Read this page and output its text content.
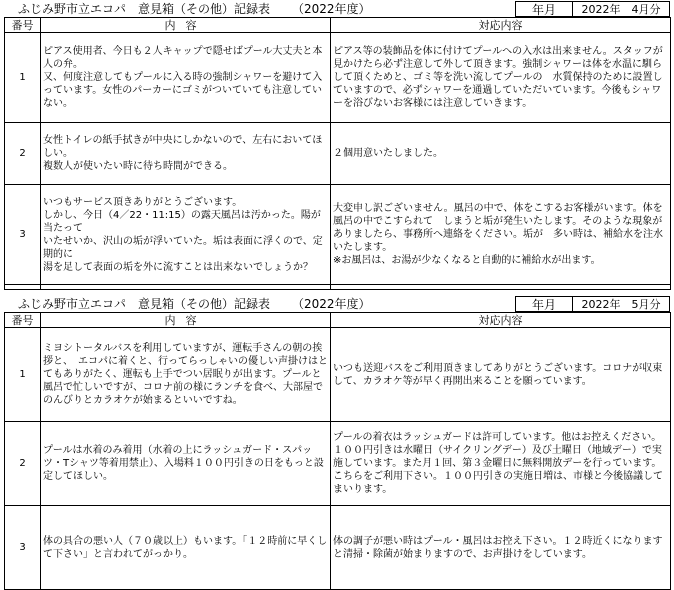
ふじみ野市立エコパ　意見箱（その他）記録表 （2022年度）	年月	2022年　4月分
番号	内容	対応内容
1	ピアス使用者、今日も２人キャップで隠せばプール大丈夫と本人の弁。
又、何度注意してもプールに入る時の強制シャワーを避けて入っています。女性のパーカーにゴミがついていても注意していない。	ピアス等の装飾品を体に付けてプールへの入水は出来ません。スタッフが見かけたら必ず注意して外して頂きます。強制シャワーは体を水温に馴らして頂くためと、ゴミ等を洗い流してプールの　水質保持のために設置していますので、必ずシャワーを通過していただいています。今後もシャワーを浴びないお客様には注意していきます。
2	女性トイレの紙手拭きが中央にしかないので、左右においてほしい。
複数人が使いたい時に待ち時間ができる。	２個用意いたしました。
3	いつもサービス頂きありがとうございます。
しかし、今日（4／22・11:15）の露天風呂は汚かった。陽が当たって
いたせいか、沢山の垢が浮いていた。垢は表面に浮くので、定期的に
湯を足して表面の垢を外に流すことは出来ないでしょうか？	大変申し訳ございません。風呂の中で、体をこするお客様がいます。体を風呂の中でこすられて　しまうと垢が発生いたします。そのような現象がありましたら、事務所へ連絡をください。垢が　多い時は、補給水を注水いたします。
※お風呂は、お湯が少なくなると自動的に補給水が出ます。

ふじみ野市立エコパ　意見箱（その他）記録表 （2022年度）	年月	2022年　5月分
番号	内容	対応内容
1	ミヨシトータルバスを利用していますが、運転手さんの朝の挨拶と、　エコパに着くと、行ってらっしゃいの優しい声掛けはとてもありがたく、運転も上手でつい居眠りが出ます。プールと風呂で忙しいですが、コロナ前の様にランチを食べ、大部屋でのんびりとカラオケが始まるといいですね。	いつも送迎バスをご利用頂きましてありがとうございます。コロナが収束して、カラオケ等が早く再開出来ることを願っています。
2	プールは水着のみ着用（水着の上にラッシュガード・スパッツ・Tシャツ等着用禁止）、入場料１００円引きの日をもっと設定してほしい。	プールの着衣はラッシュガードは許可しています。他はお控えください。１００円引きは水曜日（サイクリングデー）及び土曜日（地域デー）で実施しています。また月１回、第３金曜日に無料開放デーを行っています。こちらをご利用下さい。１００円引きの実施日増は、市様と今後協議してまいります。
3	体の具合の悪い人（７０歳以上）もいます。「１２時前に早くして下さい」と言われてがっかり。	体の調子が悪い時はプール・風呂はお控え下さい。１２時近くになりますと清掃・除菌が始まりますので、お声掛けをしています。
